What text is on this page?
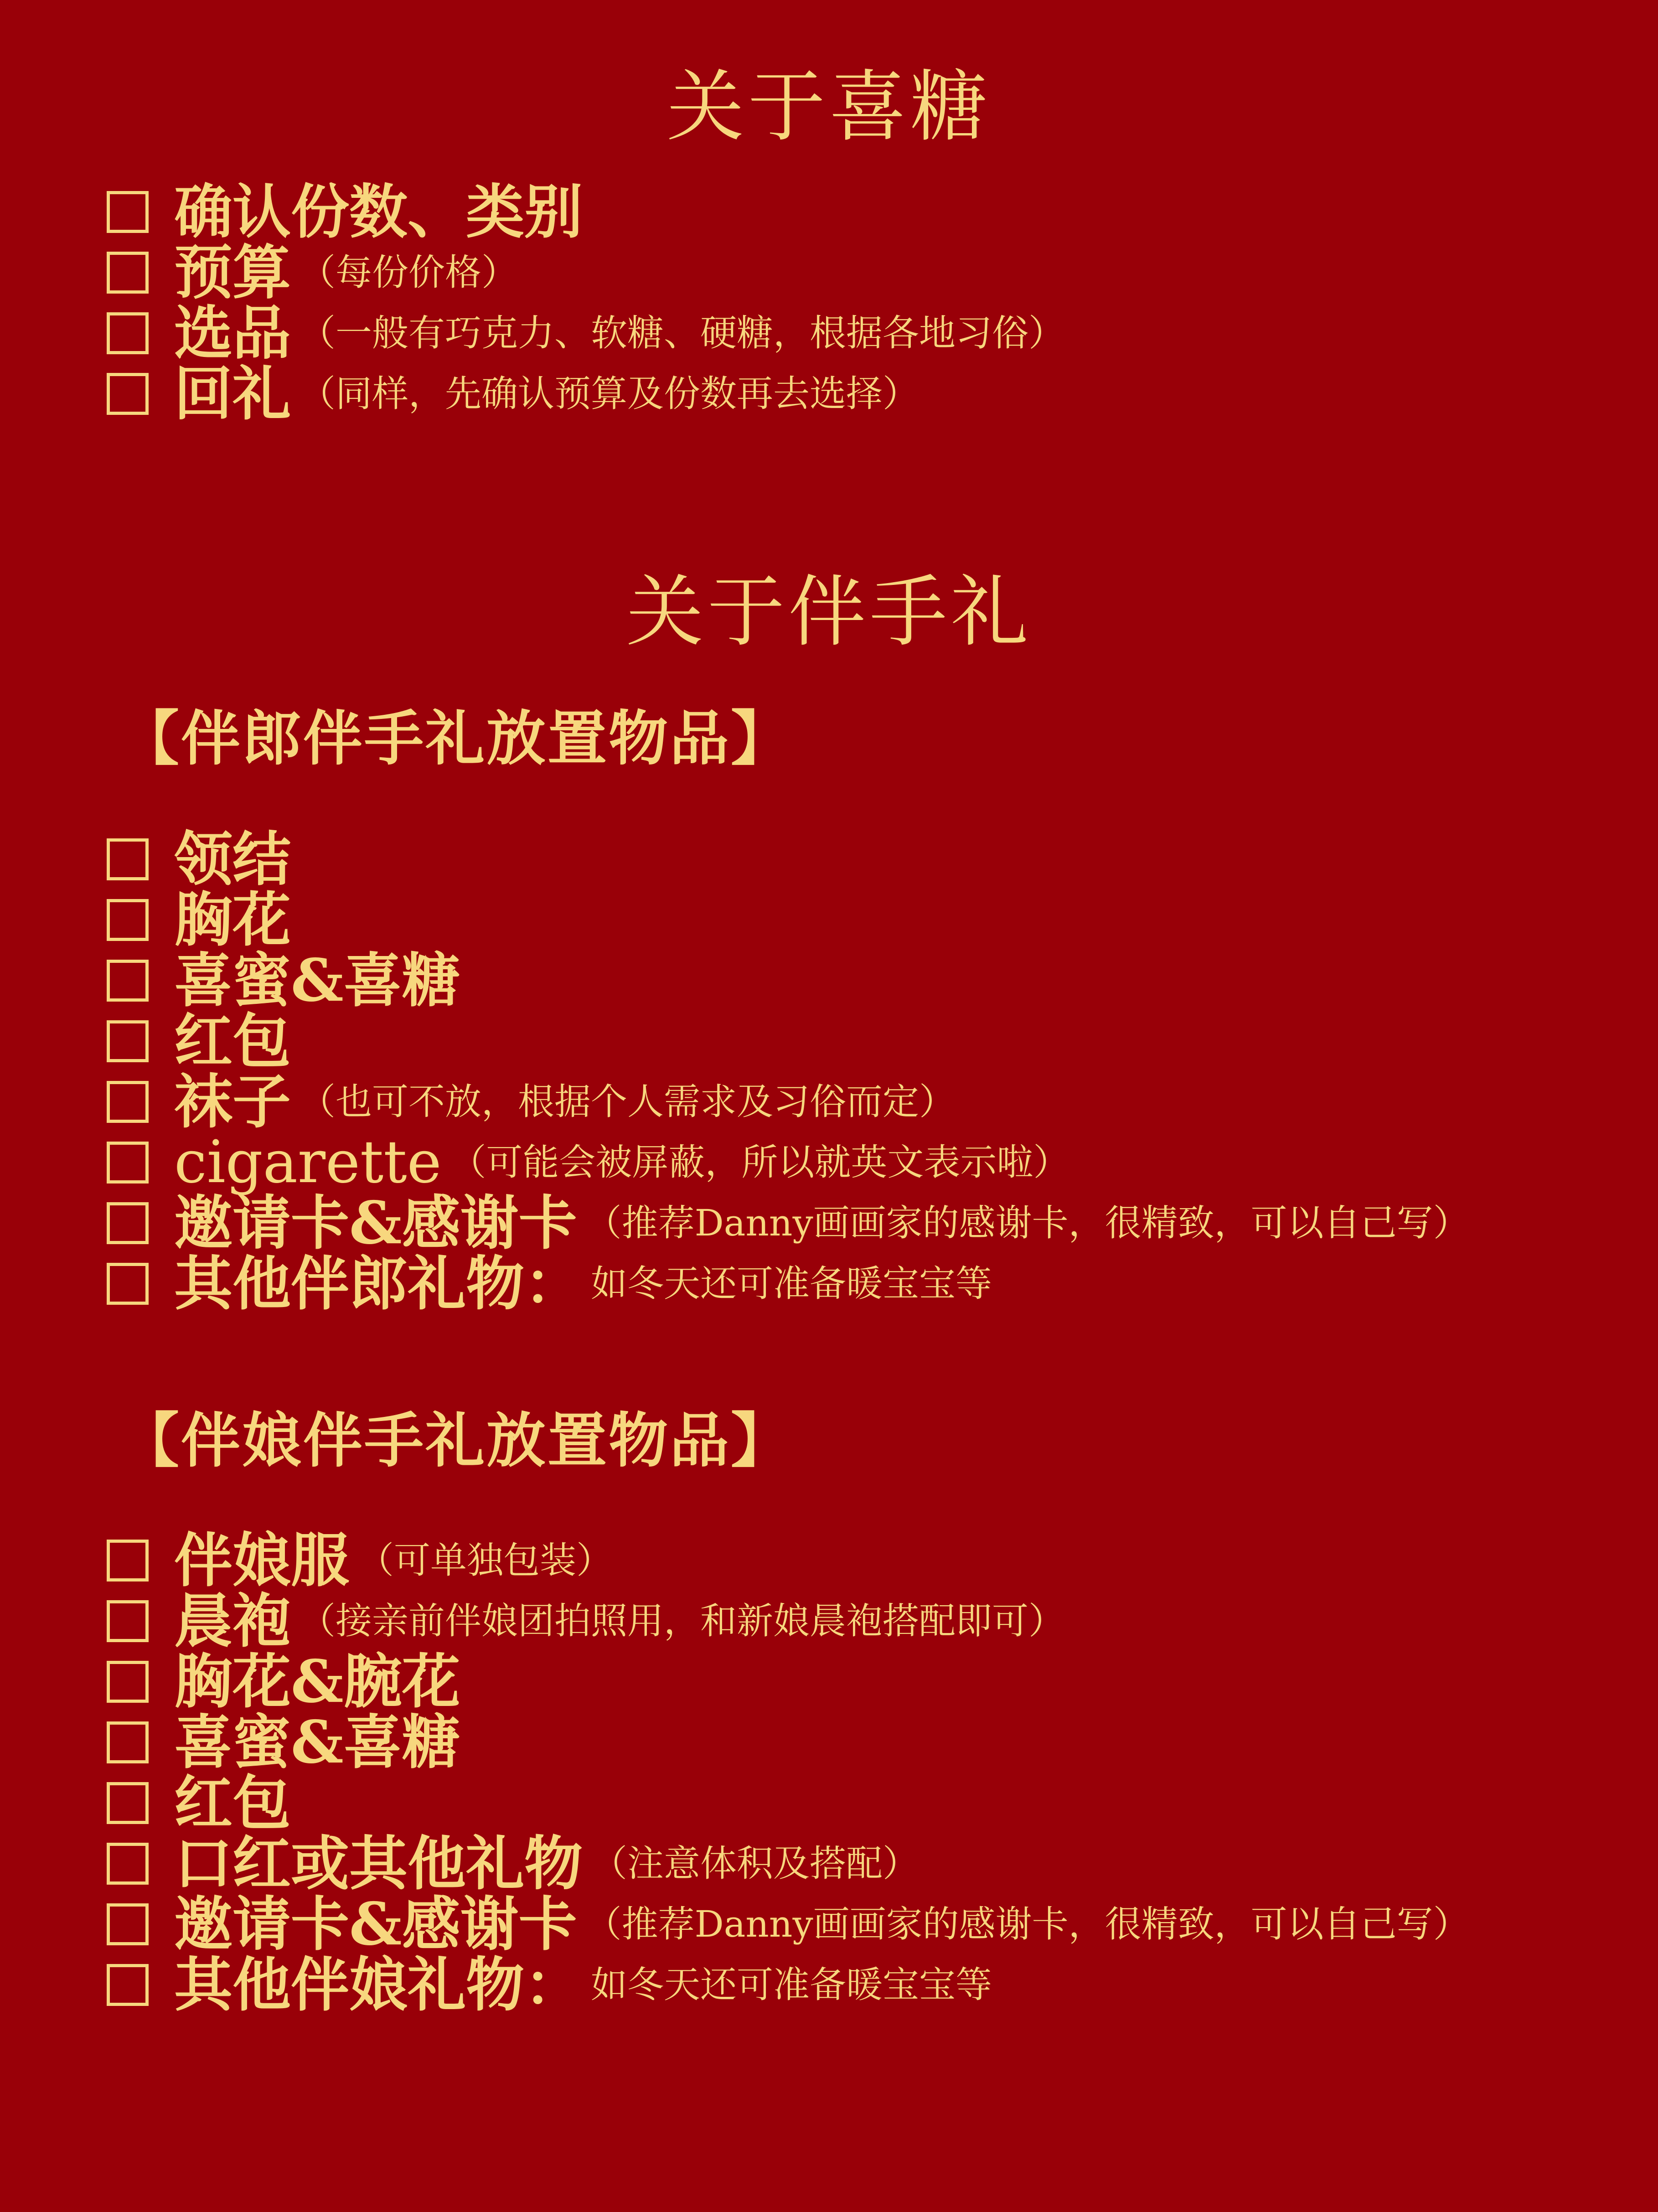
关于喜糖
确认份数、类别
预算 （每份价格）
选品 （一般有巧克力、软糖、硬糖，根据各地习俗）
回礼 （同样，先确认预算及份数再去选择）
关于伴手礼
【伴郎伴手礼放置物品】
领结
胸花
喜蜜&喜糖
红包
袜子 （也可不放，根据个人需求及习俗而定）
cigarette （可能会被屏蔽，所以就英文表示啦）
邀请卡&感谢卡 （推荐Danny画画家的感谢卡，很精致，可以自己写）
其他伴郎礼物： 如冬天还可准备暖宝宝等
【伴娘伴手礼放置物品】
伴娘服 （可单独包装）
晨袍 （接亲前伴娘团拍照用，和新娘晨袍搭配即可）
胸花&腕花
喜蜜&喜糖
红包
口红或其他礼物 （注意体积及搭配）
邀请卡&感谢卡 （推荐Danny画画家的感谢卡，很精致，可以自己写）
其他伴娘礼物： 如冬天还可准备暖宝宝等
